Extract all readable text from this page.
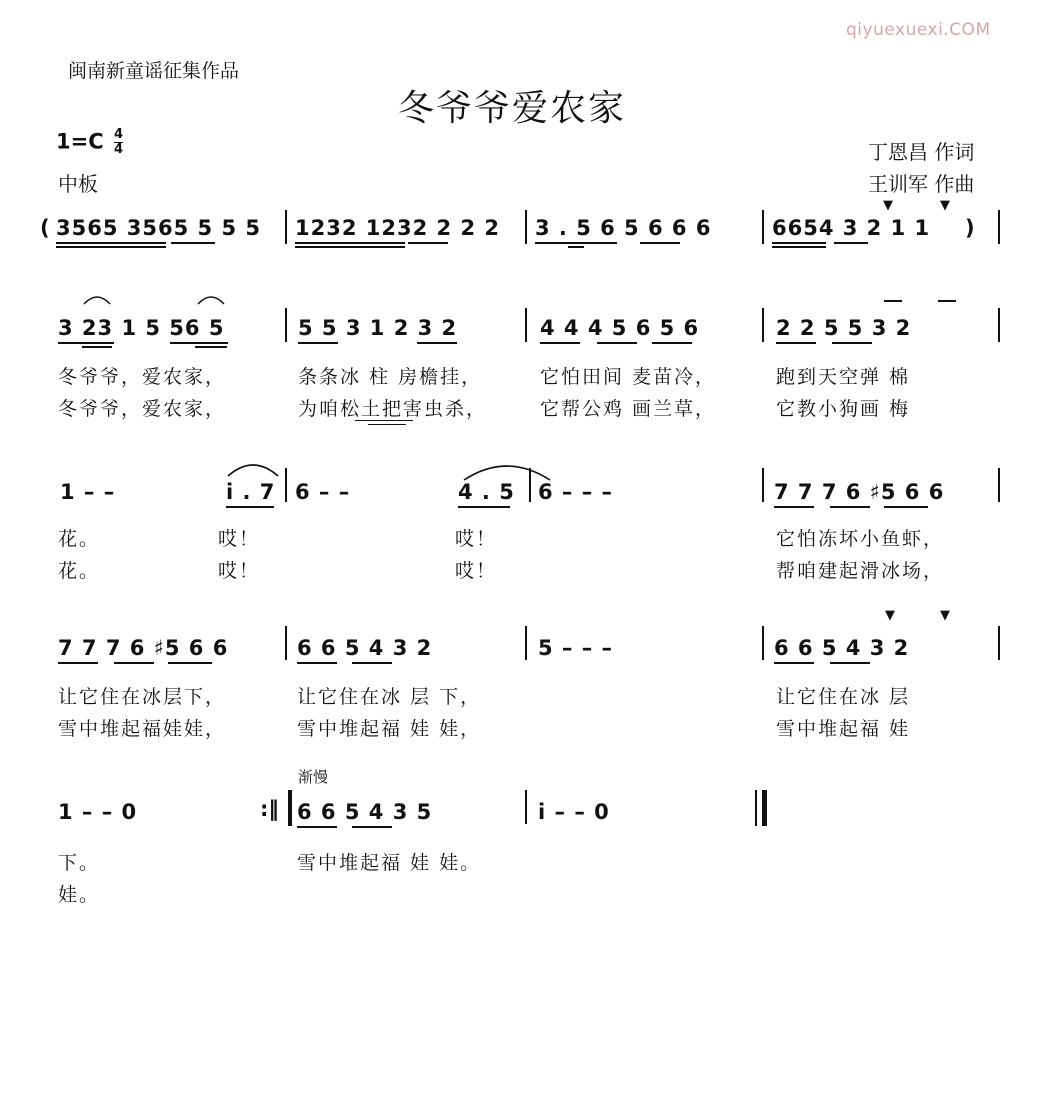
qiyuexuexi.COM
闽南新童谣征集作品
冬爷爷爱农家
$1=C \frac{4}{4}$
中板
丁恩昌 作词
王训军 作曲
( 3565 3565 5 5 5 1232 1232 2 2 2 3 . 5 6 5 6 6 6	6654 3 2 1 1 )
▼	▼
3 23 1 5 56 5	5 5 3 1 2 3 2	4 4 4 5 6 5 6	2 2 5 5 3 2
冬爷爷，爱农家，	条条冰 柱 房檐挂，	它怕田间 麦苗冷，	跑到天空弹 棉
冬爷爷，爱农家，	为咱松土把害虫杀，	它帮公鸡 画兰草，	它教小狗画 梅
1 – –	i . 7 6 – –	4 . 5 6 – – –	7 7 7 6 ♯5 6 6
花。	哎！	哎！	它怕冻坏小鱼虾，
花。	哎！	哎！	帮咱建起滑冰场，
7 7 7 6 ♯5 6 6	6 6 5 4 3 2	5 – – –	6 6 5 4 3 2
▼	▼
让它住在冰层下，	让它住在冰 层 下，	让它住在冰 层
雪中堆起福娃娃，	雪中堆起福 娃 娃，	雪中堆起福 娃
渐慢
1 – – 0	:‖ 6 6 5 4 3 5	i – – 0
下。	雪中堆起福 娃 娃。
娃。
